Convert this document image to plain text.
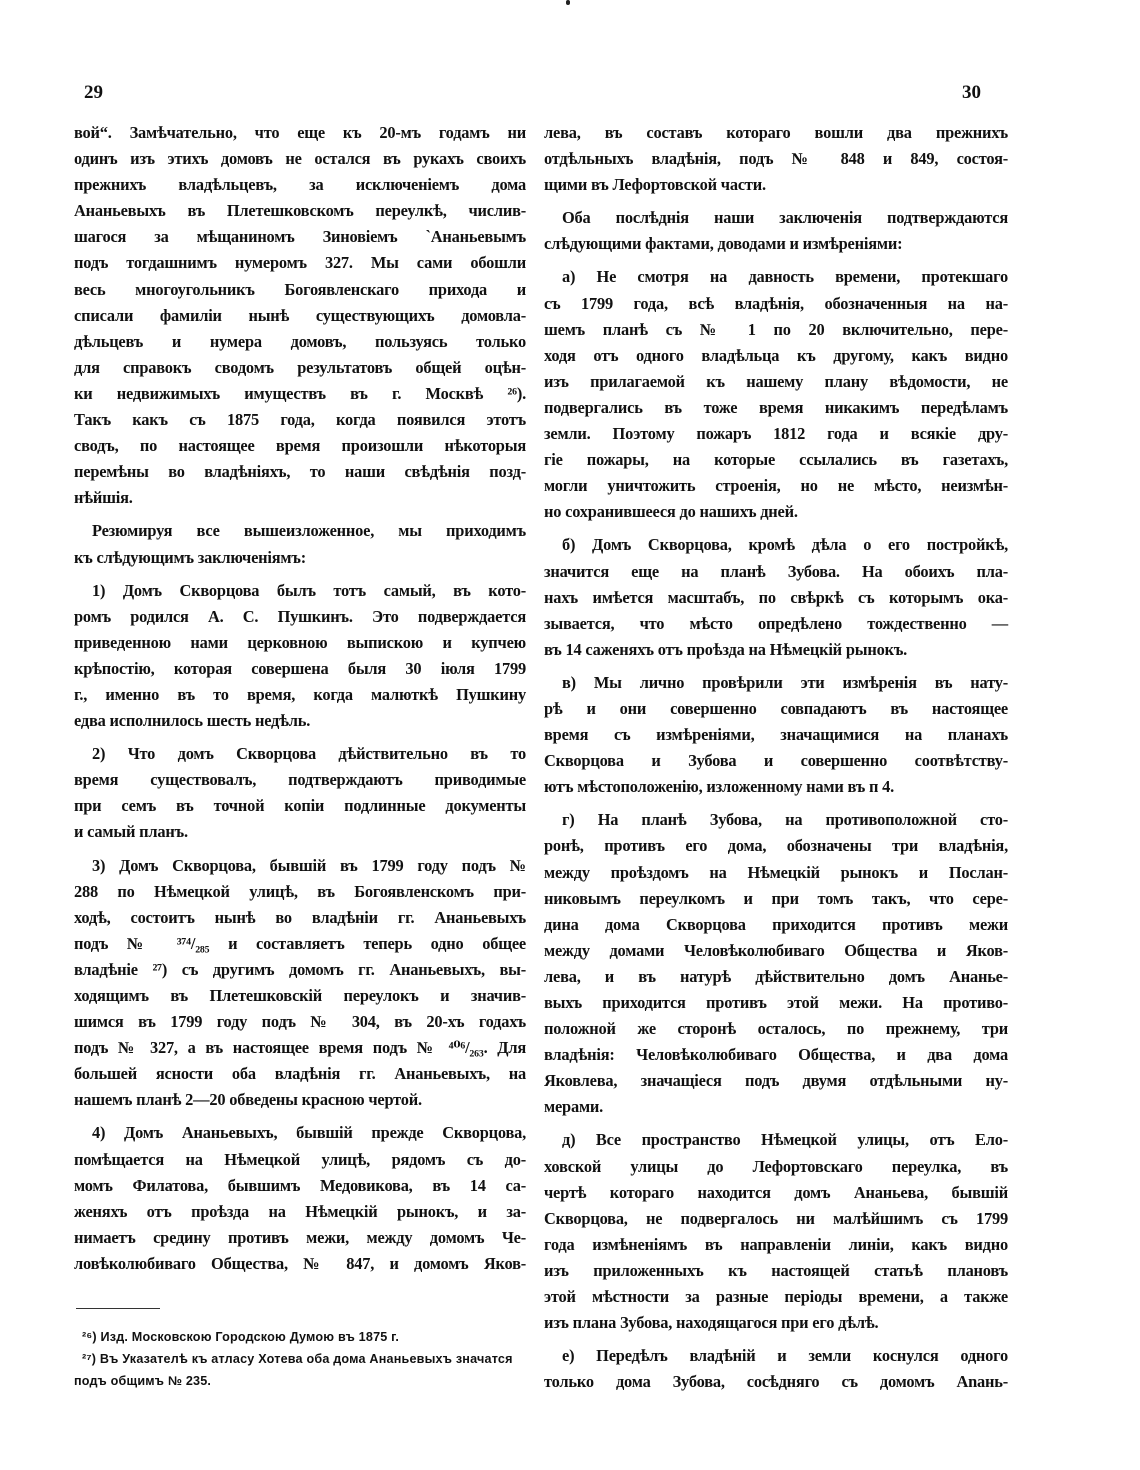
29	30
вой“. Замѣчательно, что еще къ 20-мъ годамъ ни
одинъ изъ этихъ домовъ не остался въ рукахъ своихъ
прежнихъ владѣльцевъ, за исключенiемъ дома
Ананьевыхъ въ Плетешковскомъ переулкѣ, числив-
шагося за мѣщаниномъ Зиновiемъ `Ананьевымъ
подъ тогдашнимъ нумеромъ 327. Мы сами обошли
весь многоугольникъ Богоявленскаго прихода и
списали фамилiи нынѣ существующихъ домовла-
дѣльцевъ и нумера домовъ, пользуясь только
для справокъ сводомъ результатовъ общей оцѣн-
ки недвижимыхъ имуществъ въ г. Москвѣ ²⁶).
Такъ какъ съ 1875 года, когда появился этотъ
сводъ, по настоящее время произошли нѣкоторыя
перемѣны во владѣнiяхъ, то наши свѣдѣнiя позд-
нѣйшiя.
Резюмируя все вышеизложенное, мы приходимъ
къ слѣдующимъ заключенiямъ:
1) Домъ Скворцова былъ тотъ самый, въ кото-
ромъ родился А. С. Пушкинъ. Это подверждается
приведенною нами церковною выпискою и купчею
крѣпостiю, которая совершена быля 30 iюля 1799
г., именно въ то время, когда малюткѣ Пушкину
едва исполнилось шесть недѣль.
2) Что домъ Скворцова дѣйствительно въ то
время существовалъ, подтверждаютъ приводимые
при семъ въ точной копiи подлинные документы
и самый планъ.
3) Домъ Скворцова, бывшiй въ 1799 году подъ №
288 по Нѣмецкой улицѣ, въ Богоявленскомъ при-
ходѣ, состоитъ нынѣ во владѣнiи гг. Ананьевыхъ
подъ № ³⁷⁴/₂₈₅ и составляетъ теперь одно общее
владѣнiе ²⁷) съ другимъ домомъ гг. Ананьевыхъ, вы-
ходящимъ въ Плетешковскiй переулокъ и значив-
шимся въ 1799 году подъ № 304, въ 20-хъ годахъ
подъ № 327, а въ настоящее время подъ № ⁴⁰⁶/₂₆₃. Для
большей ясности оба владѣнiя гг. Ананьевыхъ, на
нашемъ планѣ 2—20 обведены красною чертой.
4) Домъ Ананьевыхъ, бывшiй прежде Скворцова,
помѣщается на Нѣмецкой улицѣ, рядомъ съ до-
момъ Филатова, бывшимъ Медовикова, въ 14 са-
женяхъ отъ проѣзда на Нѣмецкiй рынокъ, и за-
нимаетъ средину противъ межи, между домомъ Че-
ловѣколюбиваго Общества, № 847, и домомъ Яков-
лева, въ составъ котораго вошли два прежнихъ
отдѣльныхъ владѣнiя, подъ № 848 и 849, состоя-
щими въ Лефортовской части.
Оба послѣднiя наши заключенiя подтверждаются
слѣдующими фактами, доводами и измѣренiями:
а) Не смотря на давность времени, протекшаго
съ 1799 года, всѣ владѣнiя, обозначенныя на на-
шемъ планѣ съ № 1 по 20 включительно, пере-
ходя отъ одного владѣльца къ другому, какъ видно
изъ прилагаемой къ нашему плану вѣдомости, не
подвергались въ тоже время никакимъ передѣламъ
земли. Поэтому пожаръ 1812 года и всякiе дру-
гiе пожары, на которые ссылались въ газетахъ,
могли уничтожить строенiя, но не мѣсто, неизмѣн-
но сохранившееся до нашихъ дней.
б) Домъ Скворцова, кромѣ дѣла о его постройкѣ,
значится еще на планѣ Зубова. На обоихъ пла-
нахъ имѣется масштабъ, по свѣркѣ съ которымъ ока-
зывается, что мѣсто опредѣлено тождественно —
въ 14 саженяхъ отъ проѣзда на Нѣмецкiй рынокъ.
в) Мы лично провѣрили эти измѣренiя въ нату-
рѣ и они совершенно совпадаютъ въ настоящее
время съ измѣренiями, значащимися на планахъ
Скворцова и Зубова и совершенно соотвѣтству-
ютъ мѣстоположенiю, изложенному нами въ п 4.
г) На планѣ Зубова, на противоположной сто-
ронѣ, противъ его дома, обозначены три владѣнiя,
между проѣздомъ на Нѣмецкiй рынокъ и Послан-
никовымъ переулкомъ и при томъ такъ, что сере-
дина дома Скворцова приходится противъ межи
между домами Человѣколюбиваго Общества и Яков-
лева, и въ натурѣ дѣйствительно домъ Ананье-
выхъ приходится противъ этой межи. На противо-
положной же сторонѣ осталось, по прежнему, три
владѣнiя: Человѣколюбиваго Общества, и два дома
Яковлева, значащiеся подъ двумя отдѣльными ну-
мерами.
д) Все пространство Нѣмецкой улицы, отъ Ело-
ховской улицы до Лефортовскаго переулка, въ
чертѣ котораго находится домъ Ананьева, бывшiй
Скворцова, не подвергалось ни малѣйшимъ съ 1799
года измѣненiямъ въ направленiи линiи, какъ видно
изъ приложенныхъ къ настоящей статьѣ плановъ
этой мѣстности за разные перiоды времени, а также
изъ плана Зубова, находящагося при его дѣлѣ.
е) Передѣлъ владѣнiй и земли коснулся одного
только дома Зубова, сосѣдняго съ домомъ Anaнь-
²⁶) Изд. Московскою Городскою Думою въ 1875 г.
²⁷) Въ Указателѣ къ атласу Хотева оба дома Ананьевыхъ значатся
подъ общимъ № 235.
